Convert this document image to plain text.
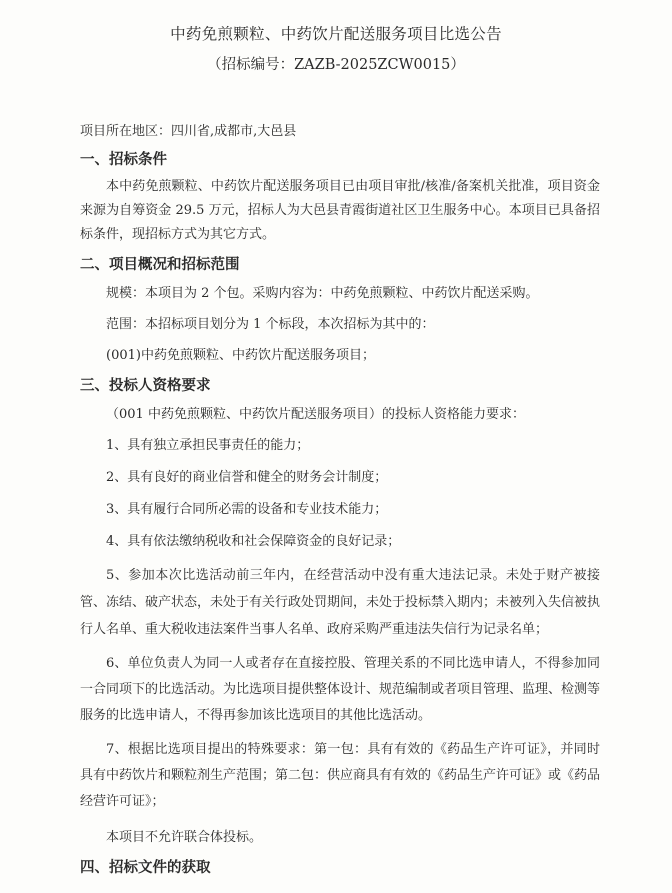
中药免煎颗粒、中药饮片配送服务项目比选公告
（招标编号：ZAZB-2025ZCW0015）

项目所在地区：四川省,成都市,大邑县

一、招标条件

本中药免煎颗粒、中药饮片配送服务项目已由项目审批/核准/备案机关批准，项目资金来源为自筹资金 29.5 万元，招标人为大邑县青霞街道社区卫生服务中心。本项目已具备招标条件，现招标方式为其它方式。

二、项目概况和招标范围

规模：本项目为 2 个包。采购内容为：中药免煎颗粒、中药饮片配送采购。

范围：本招标项目划分为 1 个标段，本次招标为其中的：

(001)中药免煎颗粒、中药饮片配送服务项目；

三、投标人资格要求

（001 中药免煎颗粒、中药饮片配送服务项目）的投标人资格能力要求：

1、具有独立承担民事责任的能力；

2、具有良好的商业信誉和健全的财务会计制度；

3、具有履行合同所必需的设备和专业技术能力；

4、具有依法缴纳税收和社会保障资金的良好记录；

5、参加本次比选活动前三年内，在经营活动中没有重大违法记录。未处于财产被接管、冻结、破产状态，未处于有关行政处罚期间，未处于投标禁入期内；未被列入失信被执行人名单、重大税收违法案件当事人名单、政府采购严重违法失信行为记录名单；

6、单位负责人为同一人或者存在直接控股、管理关系的不同比选申请人，不得参加同一合同项下的比选活动。为比选项目提供整体设计、规范编制或者项目管理、监理、检测等服务的比选申请人，不得再参加该比选项目的其他比选活动。

7、根据比选项目提出的特殊要求：第一包：具有有效的《药品生产许可证》，并同时具有中药饮片和颗粒剂生产范围；第二包：供应商具有有效的《药品生产许可证》或《药品经营许可证》；

本项目不允许联合体投标。

四、招标文件的获取
